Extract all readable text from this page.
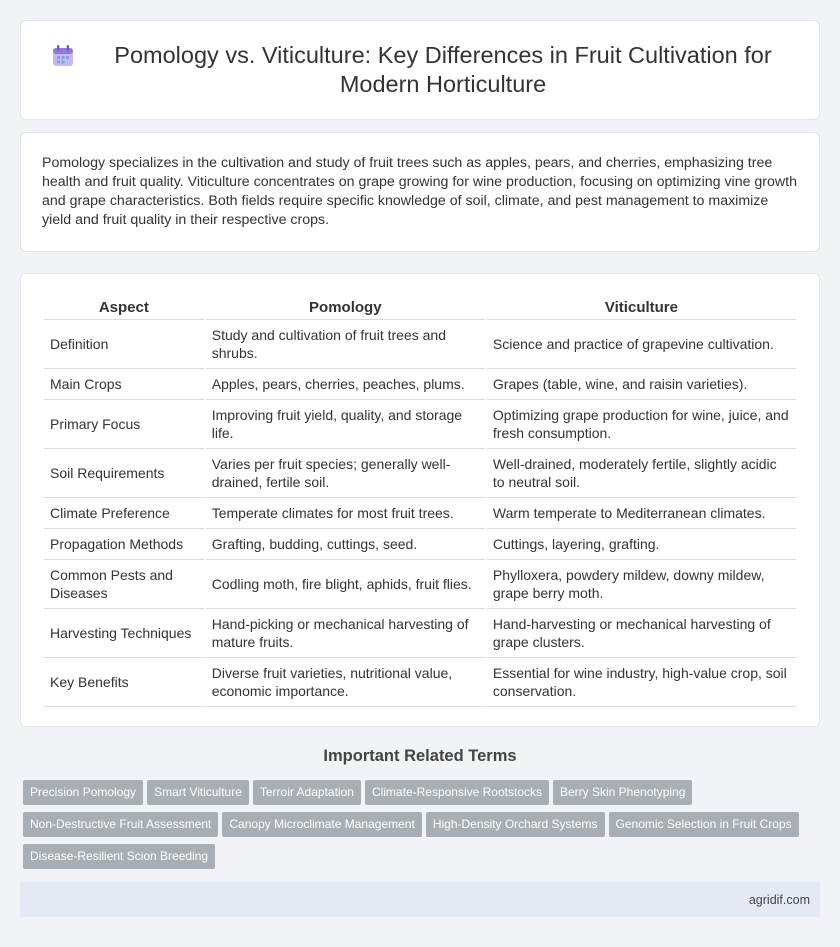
Pomology vs. Viticulture: Key Differences in Fruit Cultivation for Modern Horticulture

Pomology specializes in the cultivation and study of fruit trees such as apples, pears, and cherries, emphasizing tree health and fruit quality. Viticulture concentrates on grape growing for wine production, focusing on optimizing vine growth and grape characteristics. Both fields require specific knowledge of soil, climate, and pest management to maximize yield and fruit quality in their respective crops.

Aspect	Pomology	Viticulture
Definition	Study and cultivation of fruit trees and shrubs.	Science and practice of grapevine cultivation.
Main Crops	Apples, pears, cherries, peaches, plums.	Grapes (table, wine, and raisin varieties).
Primary Focus	Improving fruit yield, quality, and storage life.	Optimizing grape production for wine, juice, and fresh consumption.
Soil Requirements	Varies per fruit species; generally well-drained, fertile soil.	Well-drained, moderately fertile, slightly acidic to neutral soil.
Climate Preference	Temperate climates for most fruit trees.	Warm temperate to Mediterranean climates.
Propagation Methods	Grafting, budding, cuttings, seed.	Cuttings, layering, grafting.
Common Pests and Diseases	Codling moth, fire blight, aphids, fruit flies.	Phylloxera, powdery mildew, downy mildew, grape berry moth.
Harvesting Techniques	Hand-picking or mechanical harvesting of mature fruits.	Hand-harvesting or mechanical harvesting of grape clusters.
Key Benefits	Diverse fruit varieties, nutritional value, economic importance.	Essential for wine industry, high-value crop, soil conservation.
Important Related Terms
Precision Pomology Smart Viticulture Terroir Adaptation Climate-Responsive Rootstocks Berry Skin Phenotyping
Non-Destructive Fruit Assessment Canopy Microclimate Management High-Density Orchard Systems Genomic Selection in Fruit Crops
Disease-Resilient Scion Breeding
agridif.com
